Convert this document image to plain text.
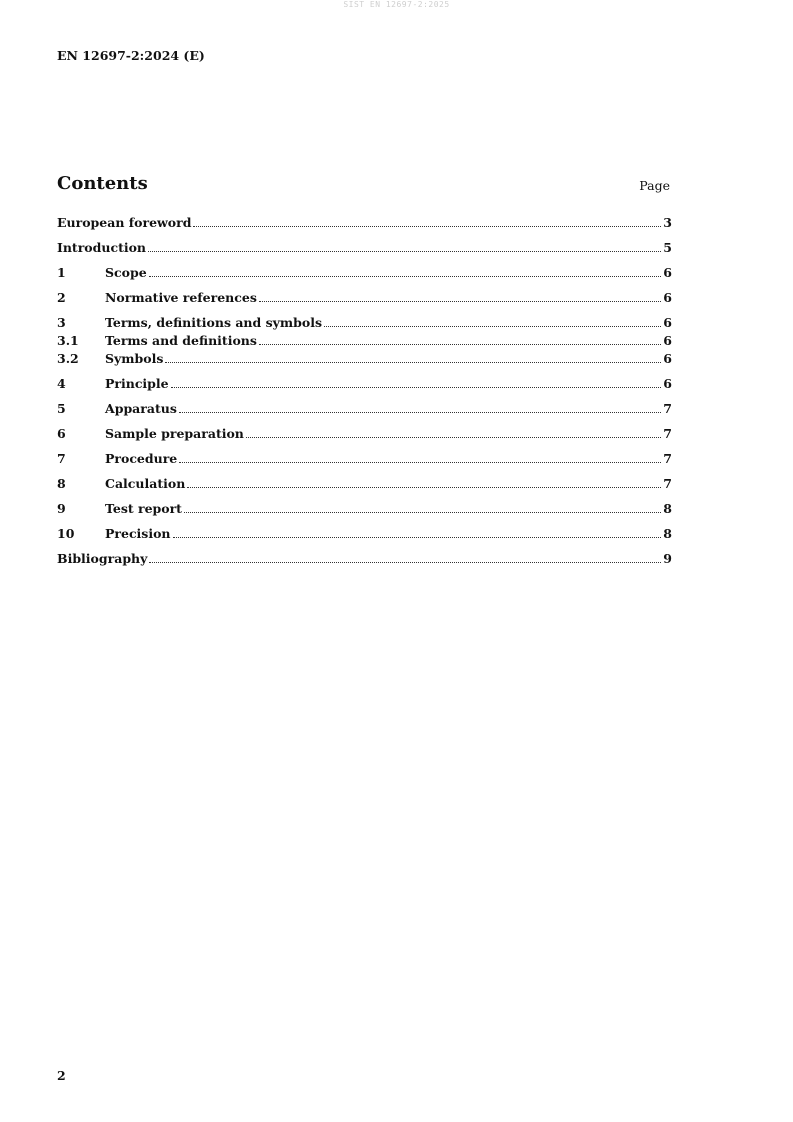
SIST EN 12697-2:2025
EN 12697-2:2024 (E)
Contents	Page
European foreword	3
Introduction	5
1	Scope	6
2	Normative references	6
3	Terms, definitions and symbols	6
3.1	Terms and definitions	6
3.2	Symbols	6
4	Principle	6
5	Apparatus	7
6	Sample preparation	7
7	Procedure	7
8	Calculation	7
9	Test report	8
10	Precision	8
Bibliography	9
2
